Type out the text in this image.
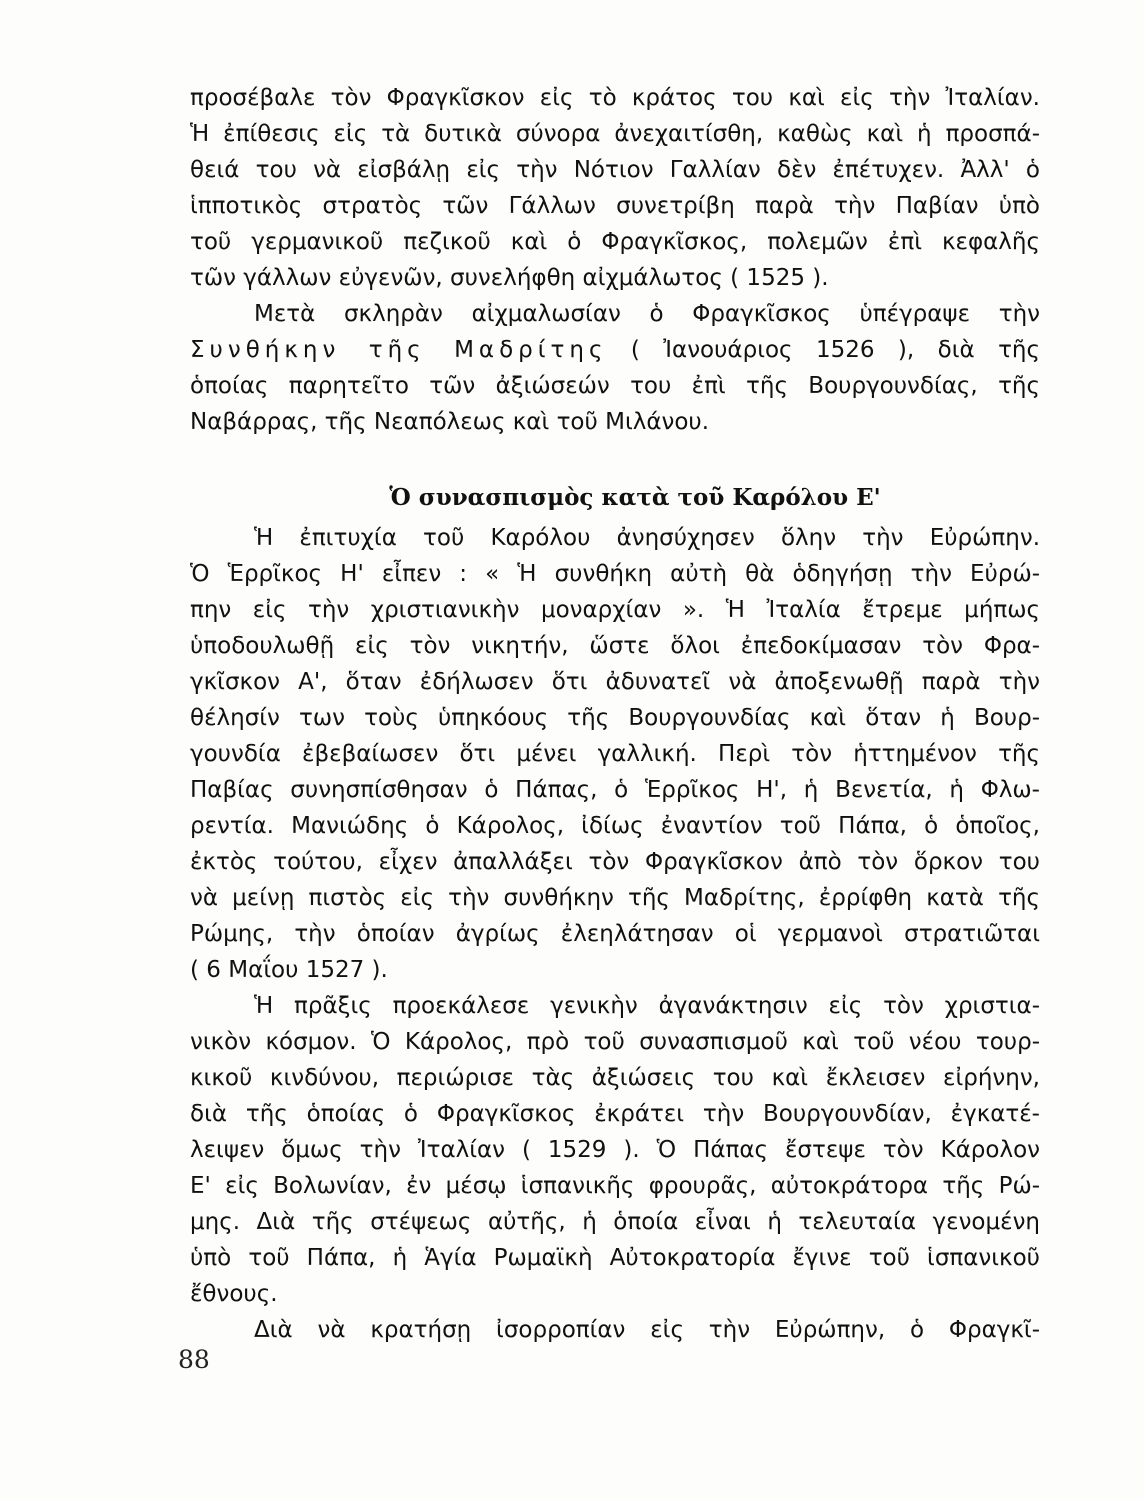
προσέβαλε τὸν Φραγκῖσκον εἰς τὸ κράτος του καὶ εἰς τὴν Ἰταλίαν.
Ἡ ἐπίθεσις εἰς τὰ δυτικὰ σύνορα ἀνεχαιτίσθη, καθὼς καὶ ἡ προσπά-
θειά του νὰ εἰσβάλῃ εἰς τὴν Νότιον Γαλλίαν δὲν ἐπέτυχεν. Ἀλλ' ὁ
ἱπποτικὸς στρατὸς τῶν Γάλλων συνετρίβη παρὰ τὴν Παβίαν ὑπὸ
τοῦ γερμανικοῦ πεζικοῦ καὶ ὁ Φραγκῖσκος, πολεμῶν ἐπὶ κεφαλῆς
τῶν γάλλων εὐγενῶν, συνελήφθη αἰχμάλωτος ( 1525 ).
Μετὰ σκληρὰν αἰχμαλωσίαν ὁ Φραγκῖσκος ὑπέγραψε τὴν
Συνθήκην τῆς Μαδρίτης ( Ἰανουάριος 1526 ), διὰ τῆς
ὁποίας παρητεῖτο τῶν ἀξιώσεών του ἐπὶ τῆς Βουργουνδίας, τῆς
Ναβάρρας, τῆς Νεαπόλεως καὶ τοῦ Μιλάνου.
Ὁ συνασπισμὸς κατὰ τοῦ Καρόλου Ε'
Ἡ ἐπιτυχία τοῦ Καρόλου ἀνησύχησεν ὅλην τὴν Εὐρώπην.
Ὁ Ἑρρῖκος Η' εἶπεν : « Ἡ συνθήκη αὐτὴ θὰ ὁδηγήσῃ τὴν Εὐρώ-
πην εἰς τὴν χριστιανικὴν μοναρχίαν ». Ἡ Ἰταλία ἔτρεμε μήπως
ὑποδουλωθῇ εἰς τὸν νικητήν, ὥστε ὅλοι ἐπεδοκίμασαν τὸν Φρα-
γκῖσκον Α', ὅταν ἐδήλωσεν ὅτι ἀδυνατεῖ νὰ ἀποξενωθῇ παρὰ τὴν
θέλησίν των τοὺς ὑπηκόους τῆς Βουργουνδίας καὶ ὅταν ἡ Βουρ-
γουνδία ἐβεβαίωσεν ὅτι μένει γαλλική. Περὶ τὸν ἡττημένον τῆς
Παβίας συνησπίσθησαν ὁ Πάπας, ὁ Ἑρρῖκος Η', ἡ Βενετία, ἡ Φλω-
ρεντία. Μανιώδης ὁ Κάρολος, ἰδίως ἐναντίον τοῦ Πάπα, ὁ ὁποῖος,
ἐκτὸς τούτου, εἶχεν ἀπαλλάξει τὸν Φραγκῖσκον ἀπὸ τὸν ὅρκον του
νὰ μείνῃ πιστὸς εἰς τὴν συνθήκην τῆς Μαδρίτης, ἐρρίφθη κατὰ τῆς
Ρώμης, τὴν ὁποίαν ἀγρίως ἐλεηλάτησαν οἱ γερμανοὶ στρατιῶται
( 6 Μαΐου 1527 ).
Ἡ πρᾶξις προεκάλεσε γενικὴν ἀγανάκτησιν εἰς τὸν χριστια-
νικὸν κόσμον. Ὁ Κάρολος, πρὸ τοῦ συνασπισμοῦ καὶ τοῦ νέου τουρ-
κικοῦ κινδύνου, περιώρισε τὰς ἀξιώσεις του καὶ ἔκλεισεν εἰρήνην,
διὰ τῆς ὁποίας ὁ Φραγκῖσκος ἐκράτει τὴν Βουργουνδίαν, ἐγκατέ-
λειψεν ὅμως τὴν Ἰταλίαν ( 1529 ). Ὁ Πάπας ἔστεψε τὸν Κάρολον
Ε' εἰς Βολωνίαν, ἐν μέσῳ ἱσπανικῆς φρουρᾶς, αὐτοκράτορα τῆς Ρώ-
μης. Διὰ τῆς στέψεως αὐτῆς, ἡ ὁποία εἶναι ἡ τελευταία γενομένη
ὑπὸ τοῦ Πάπα, ἡ Ἁγία Ρωμαϊκὴ Αὐτοκρατορία ἔγινε τοῦ ἱσπανικοῦ
ἔθνους.
Διὰ νὰ κρατήσῃ ἰσορροπίαν εἰς τὴν Εὐρώπην, ὁ Φραγκῖ-
88
